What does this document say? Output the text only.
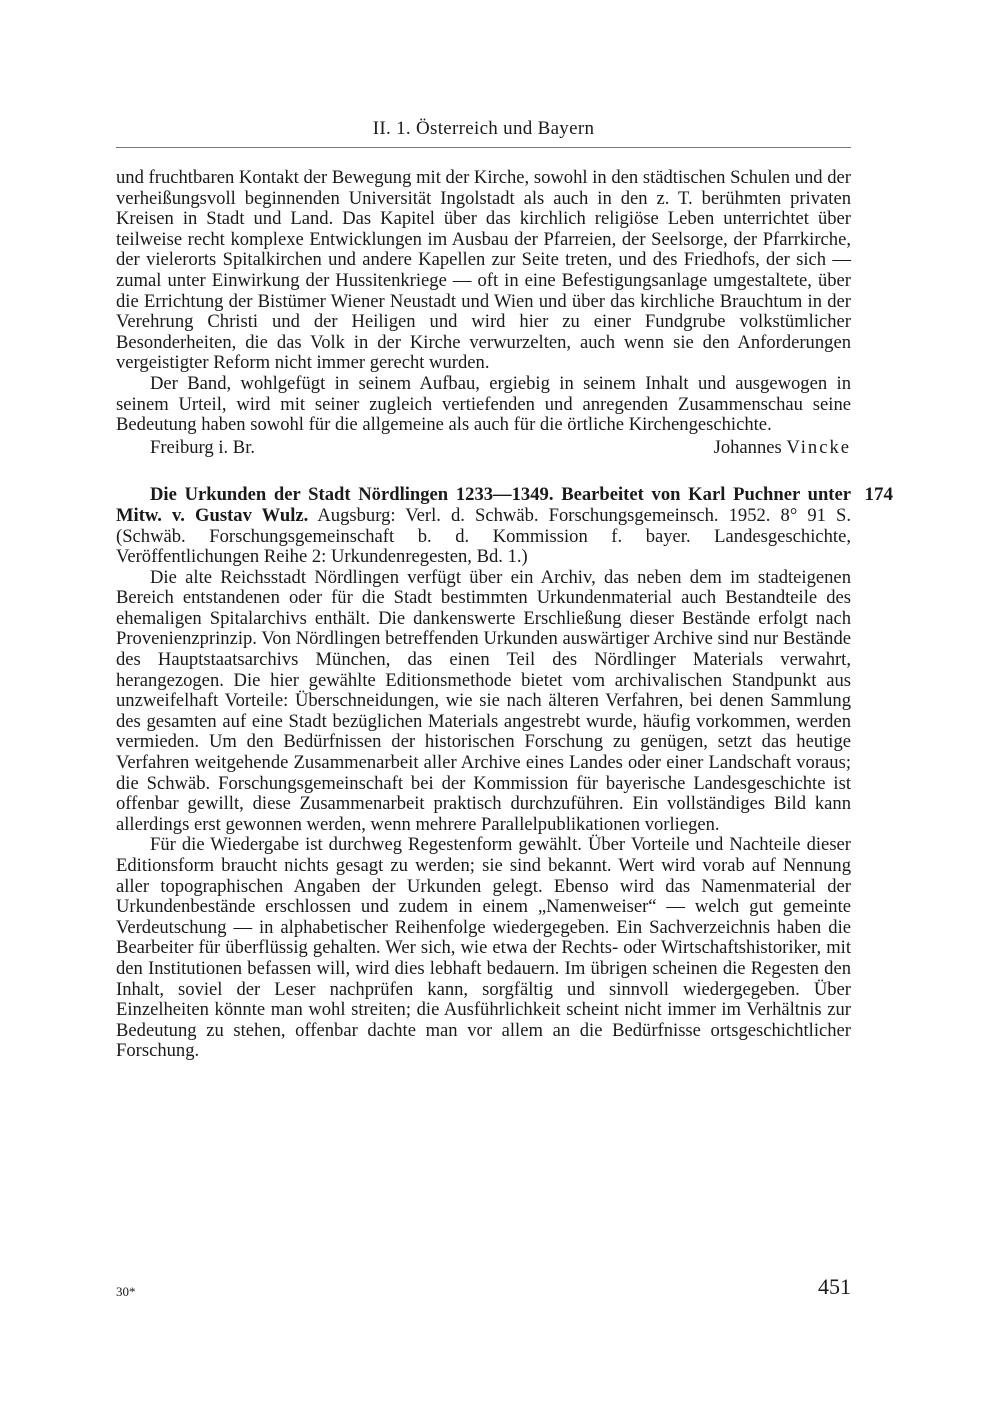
II. 1. Österreich und Bayern

und fruchtbaren Kontakt der Bewegung mit der Kirche, sowohl in den städtischen Schulen und der verheißungsvoll beginnenden Universität Ingolstadt als auch in den z. T. berühmten privaten Kreisen in Stadt und Land. Das Kapitel über das kirchlich religiöse Leben unterrichtet über teilweise recht komplexe Entwicklungen im Ausbau der Pfarreien, der Seelsorge, der Pfarrkirche, der vielerorts Spitalkirchen und andere Kapellen zur Seite treten, und des Friedhofs, der sich — zumal unter Einwirkung der Hussitenkriege — oft in eine Befestigungsanlage umgestaltete, über die Errichtung der Bistümer Wiener Neustadt und Wien und über das kirchliche Brauchtum in der Verehrung Christi und der Heiligen und wird hier zu einer Fundgrube volkstümlicher Besonderheiten, die das Volk in der Kirche verwurzelten, auch wenn sie den Anforderungen vergeistigter Reform nicht immer gerecht wurden.

Der Band, wohlgefügt in seinem Aufbau, ergiebig in seinem Inhalt und ausgewogen in seinem Urteil, wird mit seiner zugleich vertiefenden und anregenden Zusammenschau seine Bedeutung haben sowohl für die allgemeine als auch für die örtliche Kirchengeschichte.

Freiburg i. Br.	Johannes Vincke
174

Die Urkunden der Stadt Nördlingen 1233—1349. Bearbeitet von Karl Puchner unter Mitw. v. Gustav Wulz. Augsburg: Verl. d. Schwäb. Forschungsgemeinsch. 1952. 8° 91 S. (Schwäb. Forschungsgemeinschaft b. d. Kommission f. bayer. Landesgeschichte, Veröffentlichungen Reihe 2: Urkundenregesten, Bd. 1.)

Die alte Reichsstadt Nördlingen verfügt über ein Archiv, das neben dem im stadteigenen Bereich entstandenen oder für die Stadt bestimmten Urkundenmaterial auch Bestandteile des ehemaligen Spitalarchivs enthält. Die dankenswerte Erschließung dieser Bestände erfolgt nach Provenienzprinzip. Von Nördlingen betreffenden Urkunden auswärtiger Archive sind nur Bestände des Hauptstaatsarchivs München, das einen Teil des Nördlinger Materials verwahrt, herangezogen. Die hier gewählte Editionsmethode bietet vom archivalischen Standpunkt aus unzweifelhaft Vorteile: Überschneidungen, wie sie nach älteren Verfahren, bei denen Sammlung des gesamten auf eine Stadt bezüglichen Materials angestrebt wurde, häufig vorkommen, werden vermieden. Um den Bedürfnissen der historischen Forschung zu genügen, setzt das heutige Verfahren weitgehende Zusammenarbeit aller Archive eines Landes oder einer Landschaft voraus; die Schwäb. Forschungsgemeinschaft bei der Kommission für bayerische Landesgeschichte ist offenbar gewillt, diese Zusammenarbeit praktisch durchzuführen. Ein vollständiges Bild kann allerdings erst gewonnen werden, wenn mehrere Parallelpublikationen vorliegen.

Für die Wiedergabe ist durchweg Regestenform gewählt. Über Vorteile und Nachteile dieser Editionsform braucht nichts gesagt zu werden; sie sind bekannt. Wert wird vorab auf Nennung aller topographischen Angaben der Urkunden gelegt. Ebenso wird das Namenmaterial der Urkundenbestände erschlossen und zudem in einem „Namenweiser“ — welch gut gemeinte Verdeutschung — in alphabetischer Reihenfolge wiedergegeben. Ein Sachverzeichnis haben die Bearbeiter für überflüssig gehalten. Wer sich, wie etwa der Rechts- oder Wirtschaftshistoriker, mit den Institutionen befassen will, wird dies lebhaft bedauern. Im übrigen scheinen die Regesten den Inhalt, soviel der Leser nachprüfen kann, sorgfältig und sinnvoll wiedergegeben. Über Einzelheiten könnte man wohl streiten; die Ausführlichkeit scheint nicht immer im Verhältnis zur Bedeutung zu stehen, offenbar dachte man vor allem an die Bedürfnisse ortsgeschichtlicher Forschung.

30*	451
